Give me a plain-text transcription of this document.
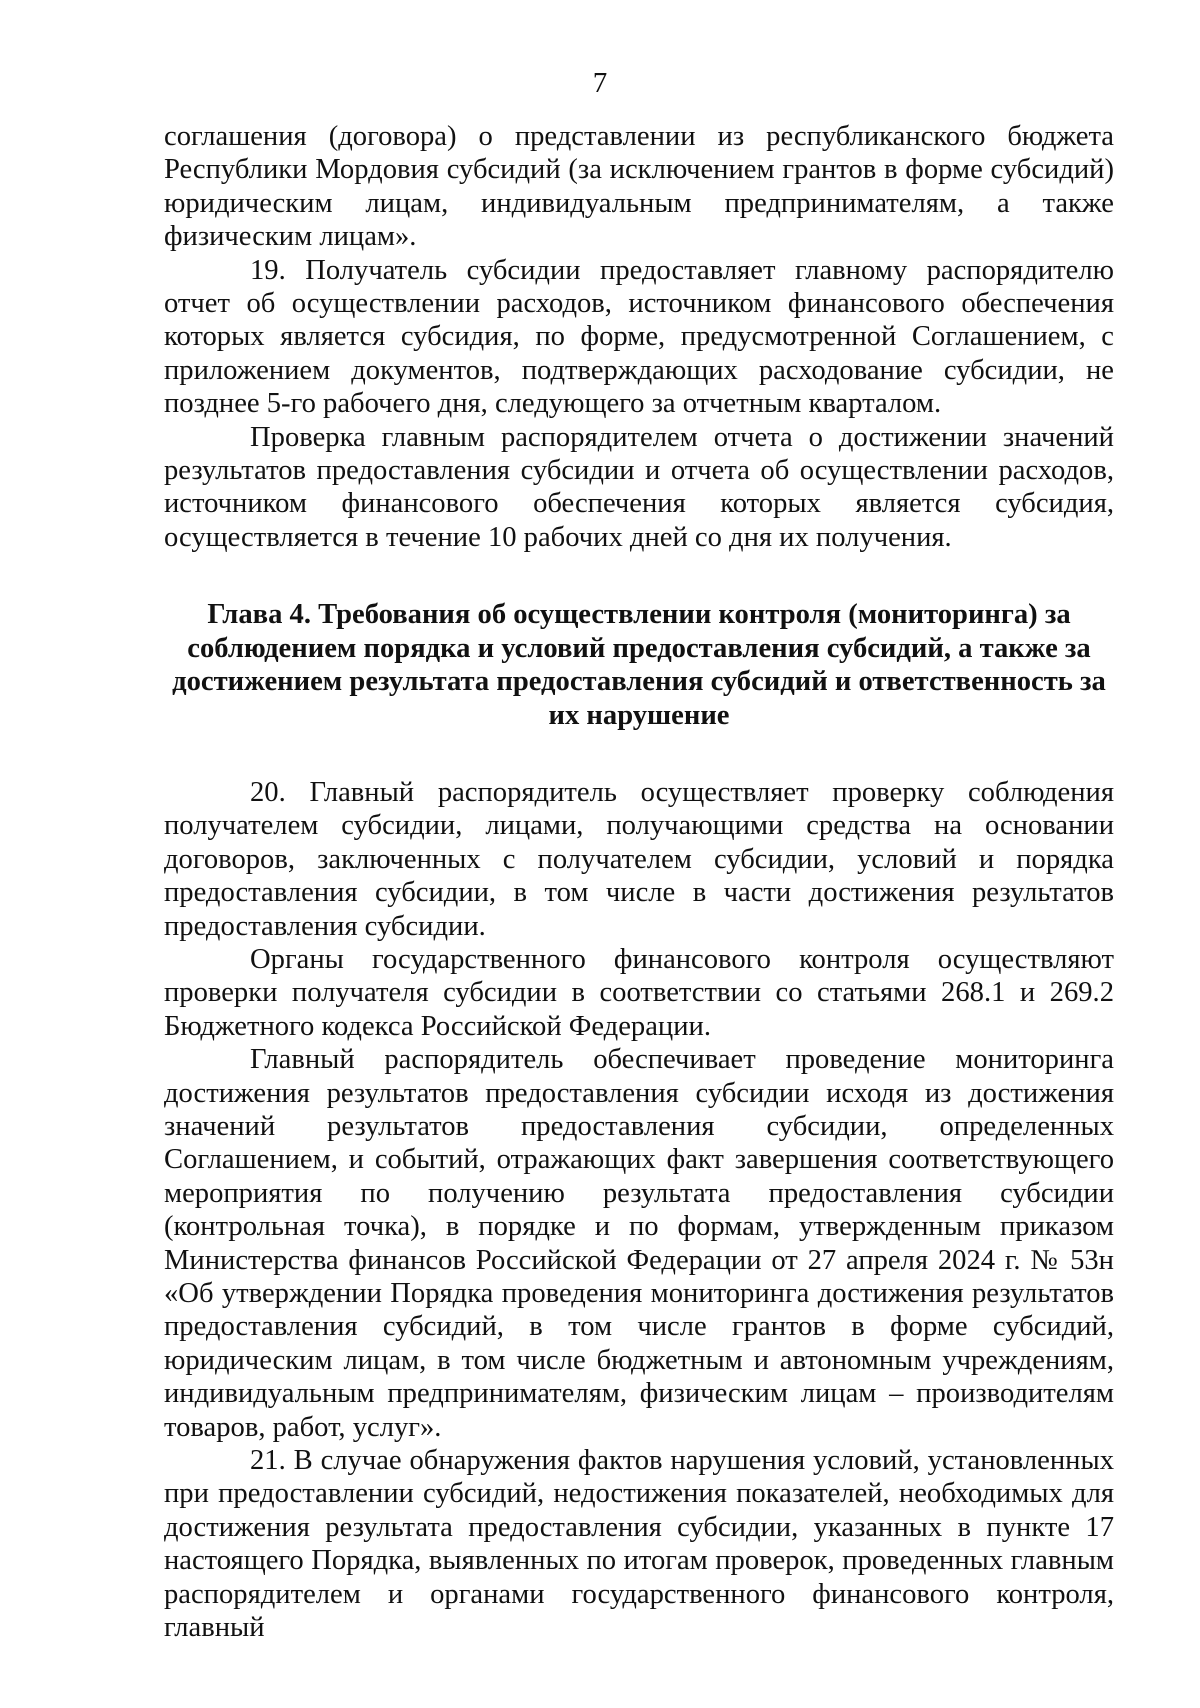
7

соглашения (договора) о представлении из республиканского бюджета Республики Мордовия субсидий (за исключением грантов в форме субсидий) юридическим лицам, индивидуальным предпринимателям, а также физическим лицам».

19. Получатель субсидии предоставляет главному распорядителю отчет об осуществлении расходов, источником финансового обеспечения которых является субсидия, по форме, предусмотренной Соглашением, с приложением документов, подтверждающих расходование субсидии, не позднее 5-го рабочего дня, следующего за отчетным кварталом.

Проверка главным распорядителем отчета о достижении значений результатов предоставления субсидии и отчета об осуществлении расходов, источником финансового обеспечения которых является субсидия, осуществляется в течение 10 рабочих дней со дня их получения.

Глава 4. Требования об осуществлении контроля (мониторинга) за соблюдением порядка и условий предоставления субсидий, а также за достижением результата предоставления субсидий и ответственность за их нарушение

20. Главный распорядитель осуществляет проверку соблюдения получателем субсидии, лицами, получающими средства на основании договоров, заключенных с получателем субсидии, условий и порядка предоставления субсидии, в том числе в части достижения результатов предоставления субсидии.

Органы государственного финансового контроля осуществляют проверки получателя субсидии в соответствии со статьями 268.1 и 269.2 Бюджетного кодекса Российской Федерации.

Главный распорядитель обеспечивает проведение мониторинга достижения результатов предоставления субсидии исходя из достижения значений результатов предоставления субсидии, определенных Соглашением, и событий, отражающих факт завершения соответствующего мероприятия по получению результата предоставления субсидии (контрольная точка), в порядке и по формам, утвержденным приказом Министерства финансов Российской Федерации от 27 апреля 2024 г. № 53н «Об утверждении Порядка проведения мониторинга достижения результатов предоставления субсидий, в том числе грантов в форме субсидий, юридическим лицам, в том числе бюджетным и автономным учреждениям, индивидуальным предпринимателям, физическим лицам – производителям товаров, работ, услуг».

21. В случае обнаружения фактов нарушения условий, установленных при предоставлении субсидий, недостижения показателей, необходимых для достижения результата предоставления субсидии, указанных в пункте 17 настоящего Порядка, выявленных по итогам проверок, проведенных главным распорядителем и органами государственного финансового контроля, главный
